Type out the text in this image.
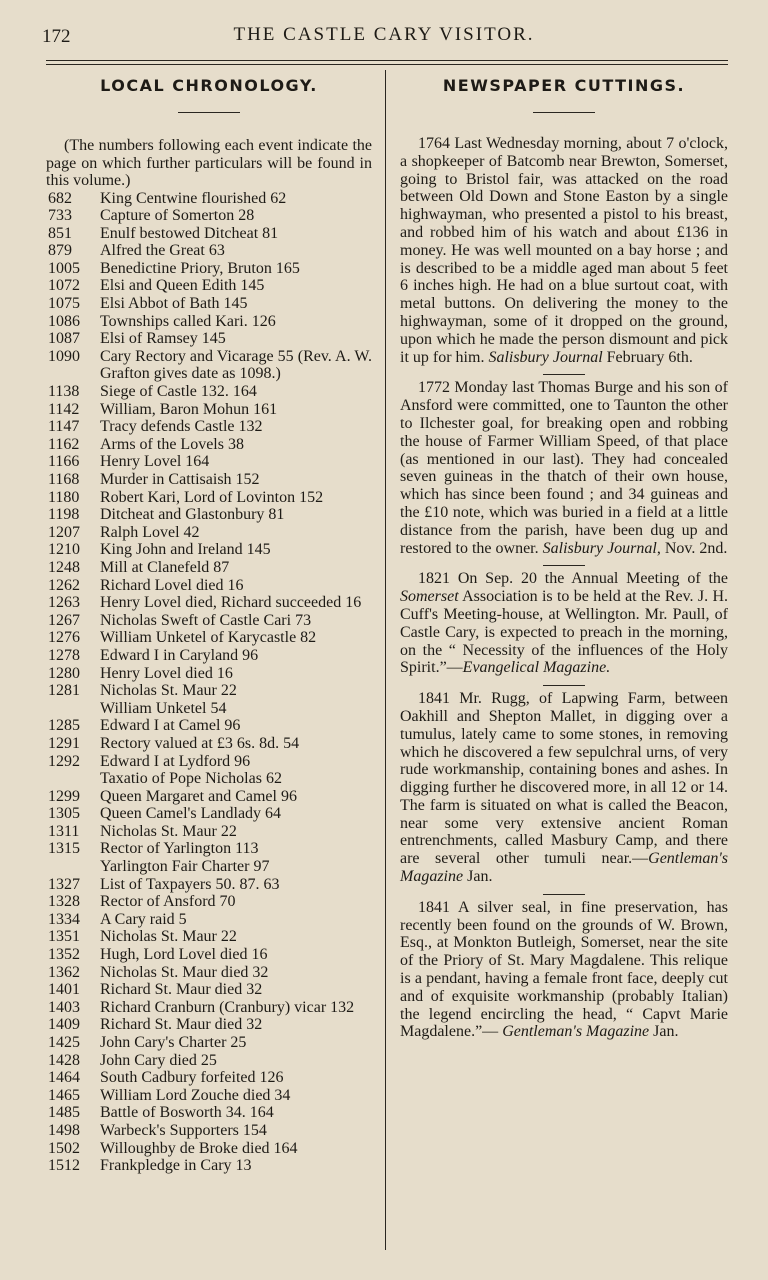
172	THE CASTLE CARY VISITOR.
LOCAL CHRONOLOGY.

(The numbers following each event indicate the page on which further particulars will be found in this volume.)

682	King Centwine flourished 62
733	Capture of Somerton 28
851	Enulf bestowed Ditcheat 81
879	Alfred the Great 63
1005	Benedictine Priory, Bruton 165
1072	Elsi and Queen Edith 145
1075	Elsi Abbot of Bath 145
1086	Townships called Kari. 126
1087	Elsi of Ramsey 145
1090	Cary Rectory and Vicarage 55 (Rev. A. W. Grafton gives date as 1098.)
1138	Siege of Castle 132. 164
1142	William, Baron Mohun 161
1147	Tracy defends Castle 132
1162	Arms of the Lovels 38
1166	Henry Lovel 164
1168	Murder in Cattisaish 152
1180	Robert Kari, Lord of Lovinton 152
1198	Ditcheat and Glastonbury 81
1207	Ralph Lovel 42
1210	King John and Ireland 145
1248	Mill at Clanefeld 87
1262	Richard Lovel died 16
1263	Henry Lovel died, Richard succeeded 16
1267	Nicholas Sweft of Castle Cari 73
1276	William Unketel of Karycastle 82
1278	Edward I in Caryland 96
1280	Henry Lovel died 16
1281	Nicholas St. Maur 22
William Unketel 54
1285	Edward I at Camel 96
1291	Rectory valued at £3 6s. 8d. 54
1292	Edward I at Lydford 96
Taxatio of Pope Nicholas 62
1299	Queen Margaret and Camel 96
1305	Queen Camel's Landlady 64
1311	Nicholas St. Maur 22
1315	Rector of Yarlington 113
Yarlington Fair Charter 97
1327	List of Taxpayers 50. 87. 63
1328	Rector of Ansford 70
1334	A Cary raid 5
1351	Nicholas St. Maur 22
1352	Hugh, Lord Lovel died 16
1362	Nicholas St. Maur died 32
1401	Richard St. Maur died 32
1403	Richard Cranburn (Cranbury) vicar 132
1409	Richard St. Maur died 32
1425	John Cary's Charter 25
1428	John Cary died 25
1464	South Cadbury forfeited 126
1465	William Lord Zouche died 34
1485	Battle of Bosworth 34. 164
1498	Warbeck's Supporters 154
1502	Willoughby de Broke died 164
1512	Frankpledge in Cary 13
NEWSPAPER CUTTINGS.
1764 Last Wednesday morning, about 7 o'clock, a shopkeeper of Batcomb near Brewton, Somerset, going to Bristol fair, was attacked on the road between Old Down and Stone Easton by a single highwayman, who presented a pistol to his breast, and robbed him of his watch and about £136 in money. He was well mounted on a bay horse ; and is described to be a middle aged man about 5 feet 6 inches high. He had on a blue surtout coat, with metal buttons. On delivering the money to the highwayman, some of it dropped on the ground, upon which he made the person dismount and pick it up for him. Salisbury Journal February 6th.
1772 Monday last Thomas Burge and his son of Ansford were committed, one to Taunton the other to Ilchester goal, for breaking open and robbing the house of Farmer William Speed, of that place (as mentioned in our last). They had concealed seven guineas in the thatch of their own house, which has since been found ; and 34 guineas and the £10 note, which was buried in a field at a little distance from the parish, have been dug up and restored to the owner. Salisbury Journal, Nov. 2nd.
1821 On Sep. 20 the Annual Meeting of the Somerset Association is to be held at the Rev. J. H. Cuff's Meeting-house, at Wellington. Mr. Paull, of Castle Cary, is expected to preach in the morning, on the “ Necessity of the influences of the Holy Spirit.”—Evangelical Magazine.
1841 Mr. Rugg, of Lapwing Farm, between Oakhill and Shepton Mallet, in digging over a tumulus, lately came to some stones, in removing which he discovered a few sepulchral urns, of very rude workmanship, containing bones and ashes. In digging further he discovered more, in all 12 or 14. The farm is situated on what is called the Beacon, near some very extensive ancient Roman entrenchments, called Masbury Camp, and there are several other tumuli near.—Gentleman's Magazine Jan.
1841 A silver seal, in fine preservation, has recently been found on the grounds of W. Brown, Esq., at Monkton Butleigh, Somerset, near the site of the Priory of St. Mary Magdalene. This relique is a pendant, having a female front face, deeply cut and of exquisite workmanship (probably Italian) the legend encircling the head, “ Capvt Marie Magdalene.”— Gentleman's Magazine Jan.
